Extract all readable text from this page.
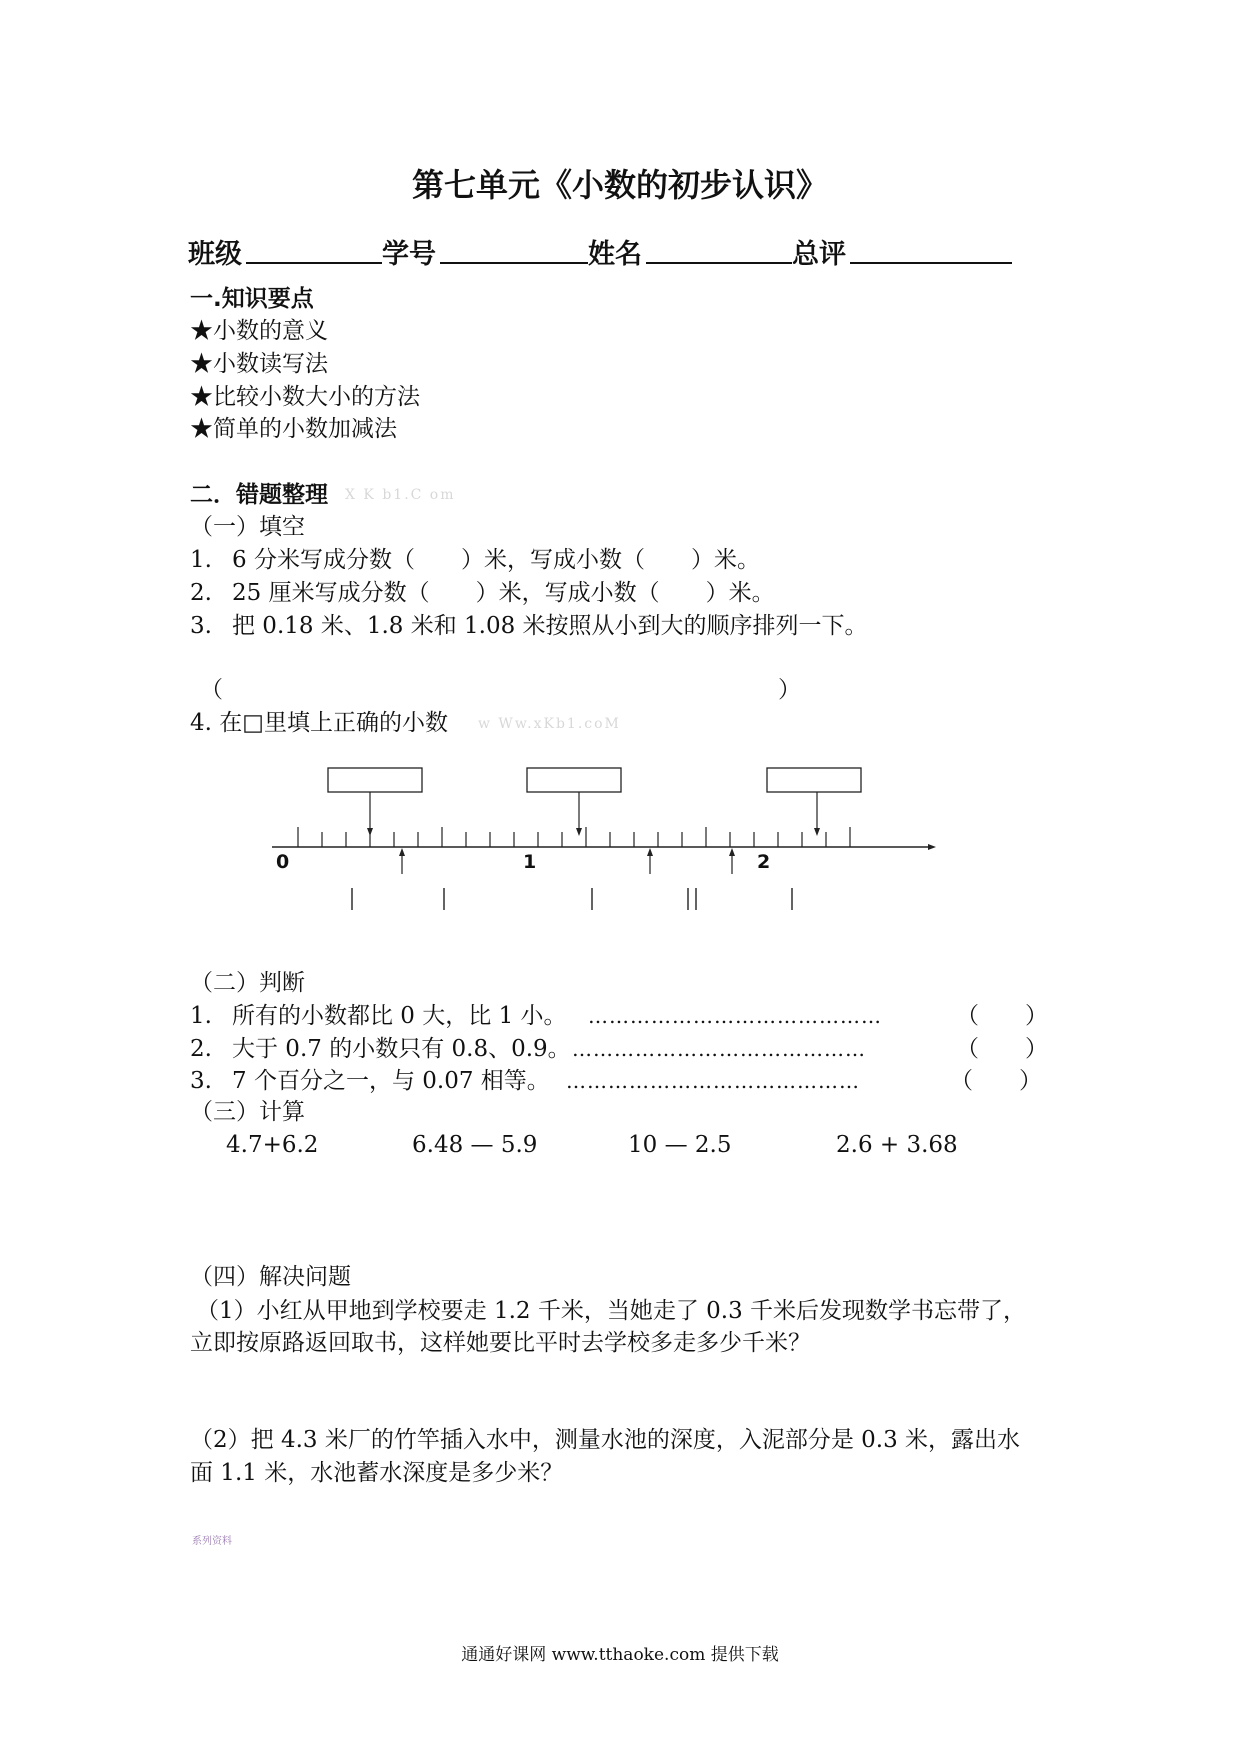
第七单元《小数的初步认识》
班级	学号	姓名	总评
一.知识要点
★小数的意义
★小数读写法
★比较小数大小的方法
★简单的小数加减法
二．错题整理 X K b1.C om
（一）填空
1. 6 分米写成分数（　　）米，写成小数（　　）米。
2. 25 厘米写成分数（　　）米，写成小数（　　）米。
3. 把 0.18 米、1.8 米和 1.08 米按照从小到大的顺序排列一下。
（	）
4. 在□里填上正确的小数 w Ww.xKb1.coM
0	1	2
（二）判断
1. 所有的小数都比 0 大，比 1 小。 ……………………………………	（　　）
2. 大于 0.7 的小数只有 0.8、0.9。 ……………………………………	（　　）
3. 7 个百分之一，与 0.07 相等。 ……………………………………	（　　）
（三）计算
4.7+6.2	6.48 — 5.9	10 — 2.5	2.6 + 3.68
（四）解决问题
（1）小红从甲地到学校要走 1.2 千米，当她走了 0.3 千米后发现数学书忘带了，
立即按原路返回取书，这样她要比平时去学校多走多少千米？
（2）把 4.3 米厂的竹竿插入水中，测量水池的深度，入泥部分是 0.3 米，露出水
面 1.1 米，水池蓄水深度是多少米？
系列资料
通通好课网 www.tthaoke.com 提供下载
